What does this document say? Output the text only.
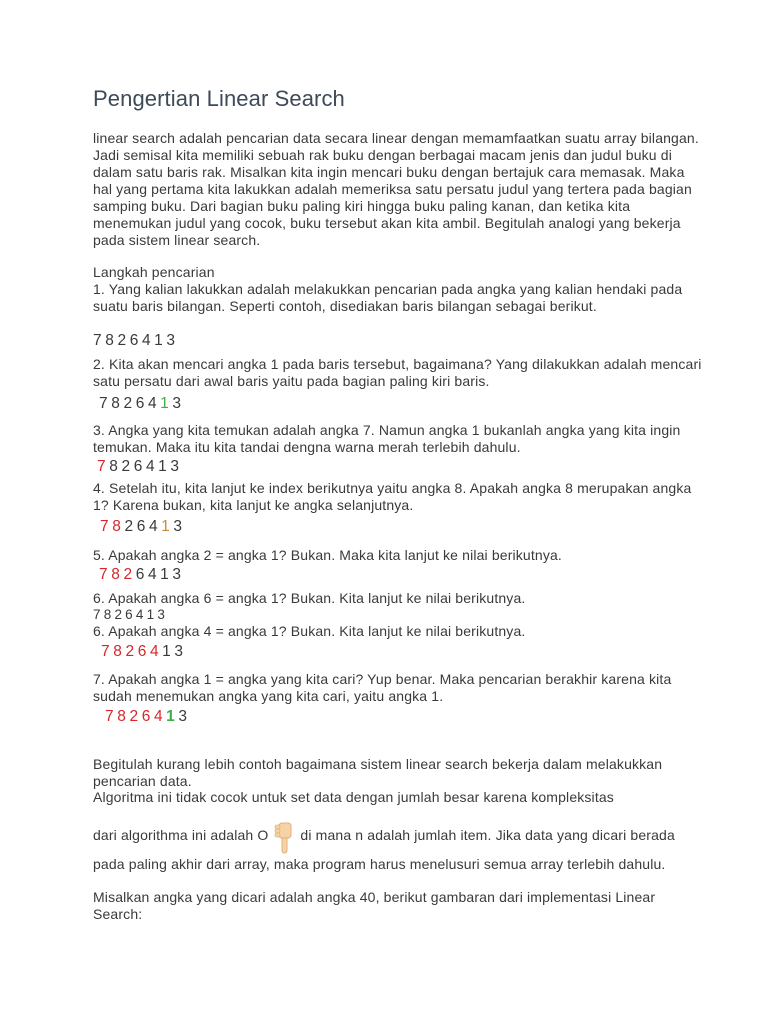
Pengertian Linear Search

linear search adalah pencarian data secara linear dengan memamfaatkan suatu array bilangan. Jadi semisal kita memiliki sebuah rak buku dengan berbagai macam jenis dan judul buku di dalam satu baris rak. Misalkan kita ingin mencari buku dengan bertajuk cara memasak. Maka hal yang pertama kita lakukkan adalah memeriksa satu persatu judul yang tertera pada bagian samping buku. Dari bagian buku paling kiri hingga buku paling kanan, dan ketika kita menemukan judul yang cocok, buku tersebut akan kita ambil. Begitulah analogi yang bekerja pada sistem linear search.

Langkah pencarian

1. Yang kalian lakukkan adalah melakukkan pencarian pada angka yang kalian hendaki pada suatu baris bilangan. Seperti contoh, disediakan baris bilangan sebagai berikut.

7826413

2. Kita akan mencari angka 1 pada baris tersebut, bagaimana? Yang dilakukkan adalah mencari satu persatu dari awal baris yaitu pada bagian paling kiri baris.

7826413

3. Angka yang kita temukan adalah angka 7. Namun angka 1 bukanlah angka yang kita ingin temukan. Maka itu kita tandai dengna warna merah terlebih dahulu.

7826413

4. Setelah itu, kita lanjut ke index berikutnya yaitu angka 8. Apakah angka 8 merupakan angka 1? Karena bukan, kita lanjut ke angka selanjutnya.

7826413

5. Apakah angka 2 = angka 1? Bukan. Maka kita lanjut ke nilai berikutnya.

7826413

6. Apakah angka 6 = angka 1? Bukan. Kita lanjut ke nilai berikutnya.

7826413

6. Apakah angka 4 = angka 1? Bukan. Kita lanjut ke nilai berikutnya.

7826413

7. Apakah angka 1 = angka yang kita cari? Yup benar. Maka pencarian berakhir karena kita sudah menemukan angka yang kita cari, yaitu angka 1.

7826413

Begitulah kurang lebih contoh bagaimana sistem linear search bekerja dalam melakukkan pencarian data.

Algoritma ini tidak cocok untuk set data dengan jumlah besar karena kompleksitas

dari algorithma ini adalah O di mana n adalah jumlah item. Jika data yang dicari berada pada paling akhir dari array, maka program harus menelusuri semua array terlebih dahulu.

Misalkan angka yang dicari adalah angka 40, berikut gambaran dari implementasi Linear Search:
